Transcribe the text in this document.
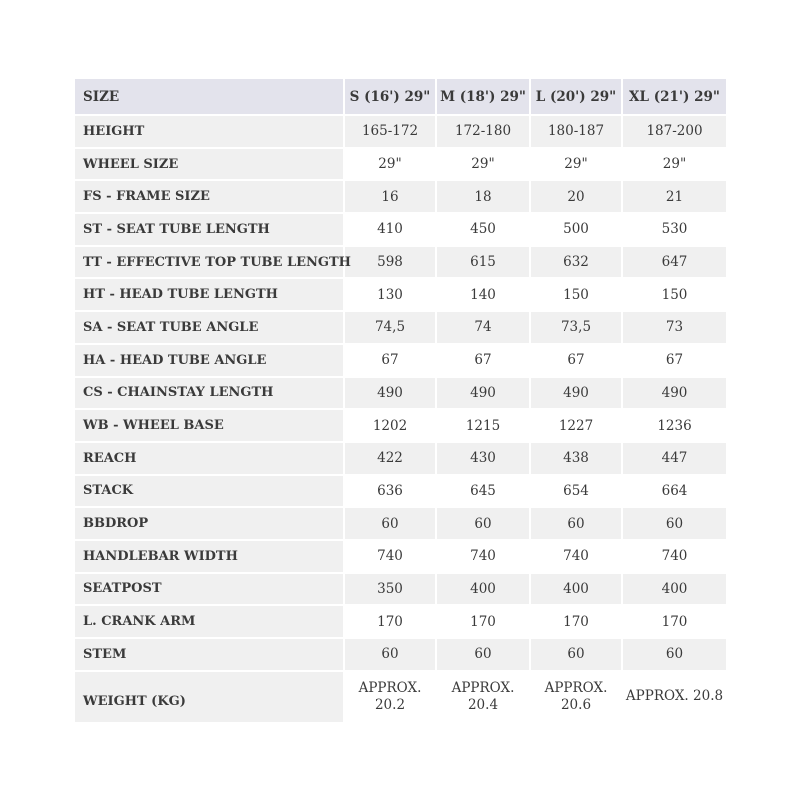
SIZE	S (16') 29"	M (18') 29"	L (20') 29"	XL (21') 29"
HEIGHT	165-172	172-180	180-187	187-200
WHEEL SIZE	29"	29"	29"	29"
FS - FRAME SIZE	16	18	20	21
ST - SEAT TUBE LENGTH	410	450	500	530
TT - EFFECTIVE TOP TUBE LENGTH	598	615	632	647
HT - HEAD TUBE LENGTH	130	140	150	150
SA - SEAT TUBE ANGLE	74,5	74	73,5	73
HA - HEAD TUBE ANGLE	67	67	67	67
CS - CHAINSTAY LENGTH	490	490	490	490
WB - WHEEL BASE	1202	1215	1227	1236
REACH	422	430	438	447
STACK	636	645	654	664
BBDROP	60	60	60	60
HANDLEBAR WIDTH	740	740	740	740
SEATPOST	350	400	400	400
L. CRANK ARM	170	170	170	170
STEM	60	60	60	60
WEIGHT (KG)	APPROX. 20.2	APPROX. 20.4	APPROX. 20.6	APPROX. 20.8
